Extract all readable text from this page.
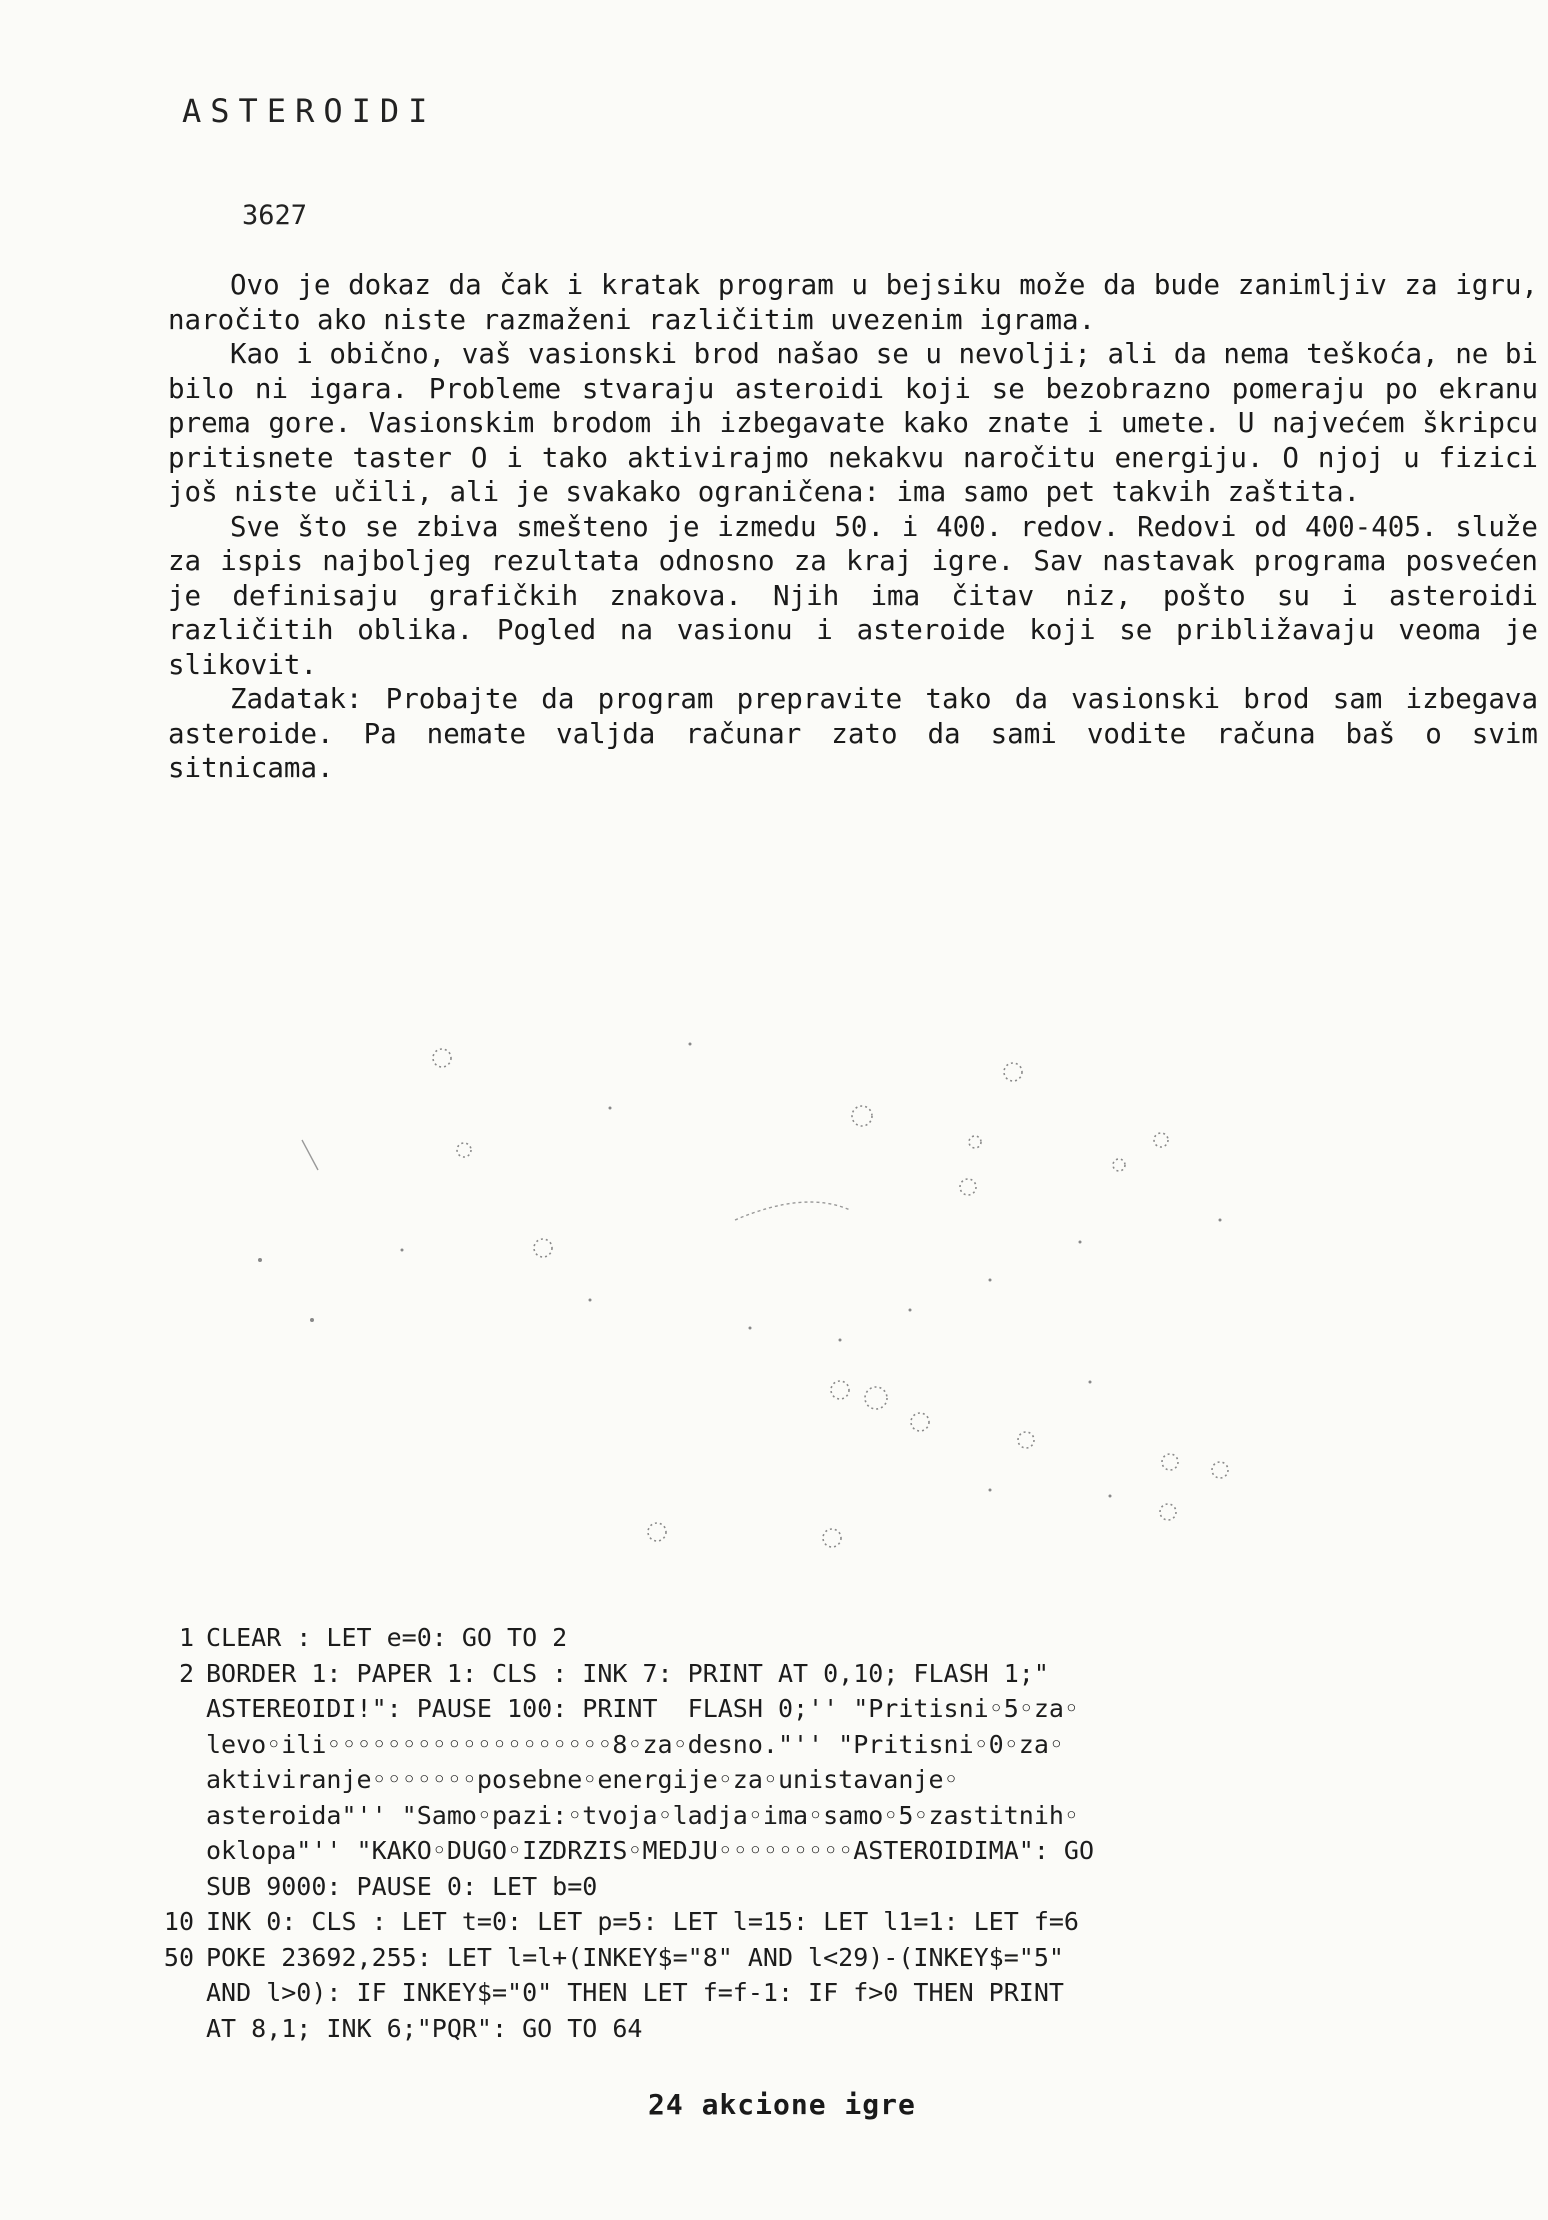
ASTEROIDI
3627

Ovo je dokaz da čak i kratak program u bejsiku može da bude zanimljiv za igru, naročito ako niste razmaženi različitim uvezenim igrama.

Kao i obično, vaš vasionski brod našao se u nevolji; ali da nema teškoća, ne bi bilo ni igara. Probleme stvaraju asteroidi koji se bezobrazno pomeraju po ekranu prema gore. Vasionskim brodom ih izbegavate kako znate i umete. U najvećem škripcu pritisnete taster O i tako aktivirajmo nekakvu naročitu energiju. O njoj u fizici još niste učili, ali je svakako ograničena: ima samo pet takvih zaštita.

Sve što se zbiva smešteno je izmedu 50. i 400. redov. Redovi od 400-405. služe za ispis najboljeg rezultata odnosno za kraj igre. Sav nastavak programa posvećen je definisaju grafičkih znakova. Njih ima čitav niz, pošto su i asteroidi različitih oblika. Pogled na vasionu i asteroide koji se približavaju veoma je slikovit.

Zadatak: Probajte da program prepravite tako da vasionski brod sam izbegava asteroide. Pa nemate valjda računar zato da sami vodite računa baš o svim sitnicama.

1 CLEAR : LET e=0: GO TO 2
2 BORDER 1: PAPER 1: CLS : INK 7: PRINT AT 0,10; FLASH 1;"
ASTEREOIDI!": PAUSE 100: PRINT  FLASH 0;'' "Pritisni◦5◦za◦
levo◦ili◦◦◦◦◦◦◦◦◦◦◦◦◦◦◦◦◦◦◦8◦za◦desno."'' "Pritisni◦0◦za◦
aktiviranje◦◦◦◦◦◦◦posebne◦energije◦za◦unistavanje◦
asteroida"'' "Samo◦pazi:◦tvoja◦ladja◦ima◦samo◦5◦zastitnih◦
oklopa"'' "KAKO◦DUGO◦IZDRZIS◦MEDJU◦◦◦◦◦◦◦◦◦ASTEROIDIMA": GO
SUB 9000: PAUSE 0: LET b=0
10 INK 0: CLS : LET t=0: LET p=5: LET l=15: LET l1=1: LET f=6
50 POKE 23692,255: LET l=l+(INKEY$="8" AND l<29)-(INKEY$="5"
AND l>0): IF INKEY$="0" THEN LET f=f-1: IF f>0 THEN PRINT
AT 8,1; INK 6;"PQR": GO TO 64
24 akcione igre
